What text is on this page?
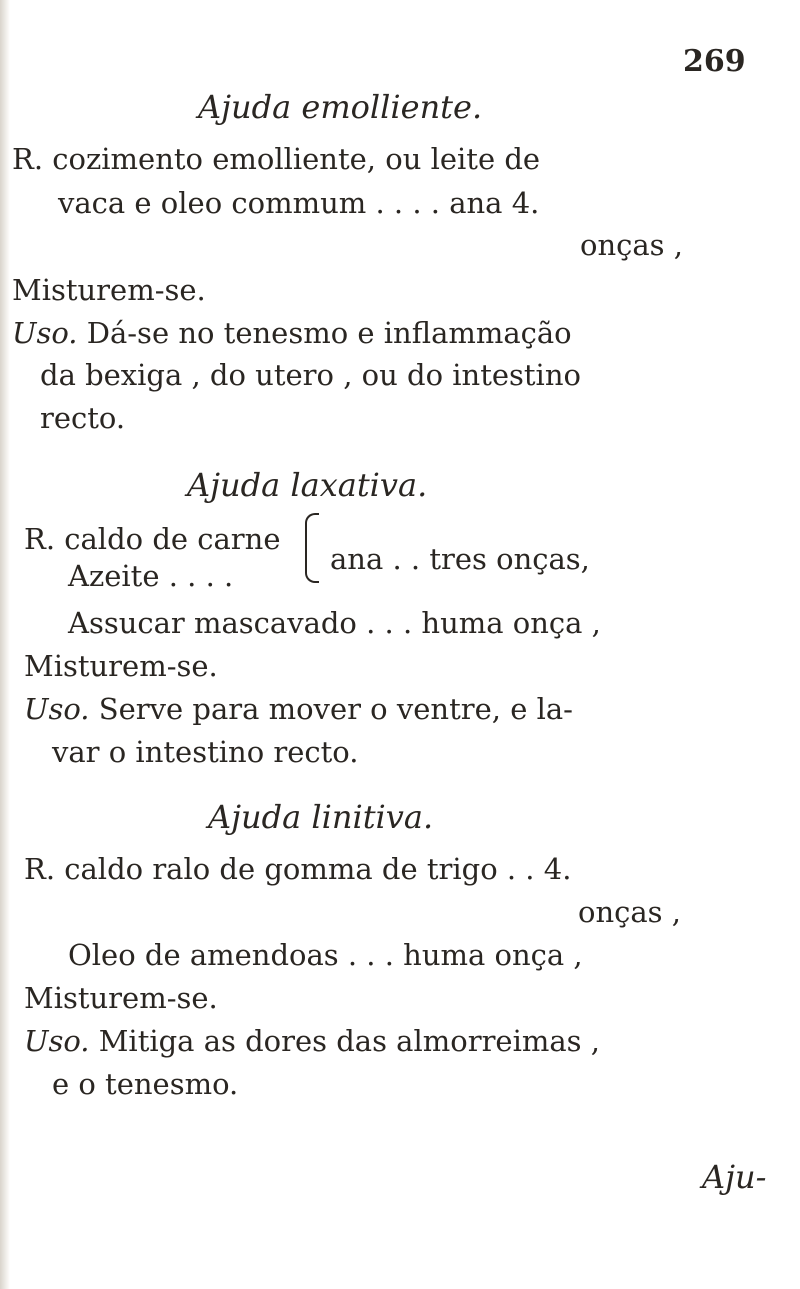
269
Ajuda emolliente.
R. cozimento emolliente, ou leite de
vaca e oleo commum . . . . ana 4.
onças ,
Misturem-se.
Uso. Dá-se no tenesmo e inflammação
da bexiga , do utero , ou do intestino
recto.
Ajuda laxativa.
R. caldo de carne
Azeite . . . .	ana . . tres onças,
Assucar mascavado . . . huma onça ,
Misturem-se.
Uso. Serve para mover o ventre, e la-
var o intestino recto.
Ajuda linitiva.
R. caldo ralo de gomma de trigo . . 4.
onças ,
Oleo de amendoas . . . huma onça ,
Misturem-se.
Uso. Mitiga as dores das almorreimas ,
e o tenesmo.
Aju-
